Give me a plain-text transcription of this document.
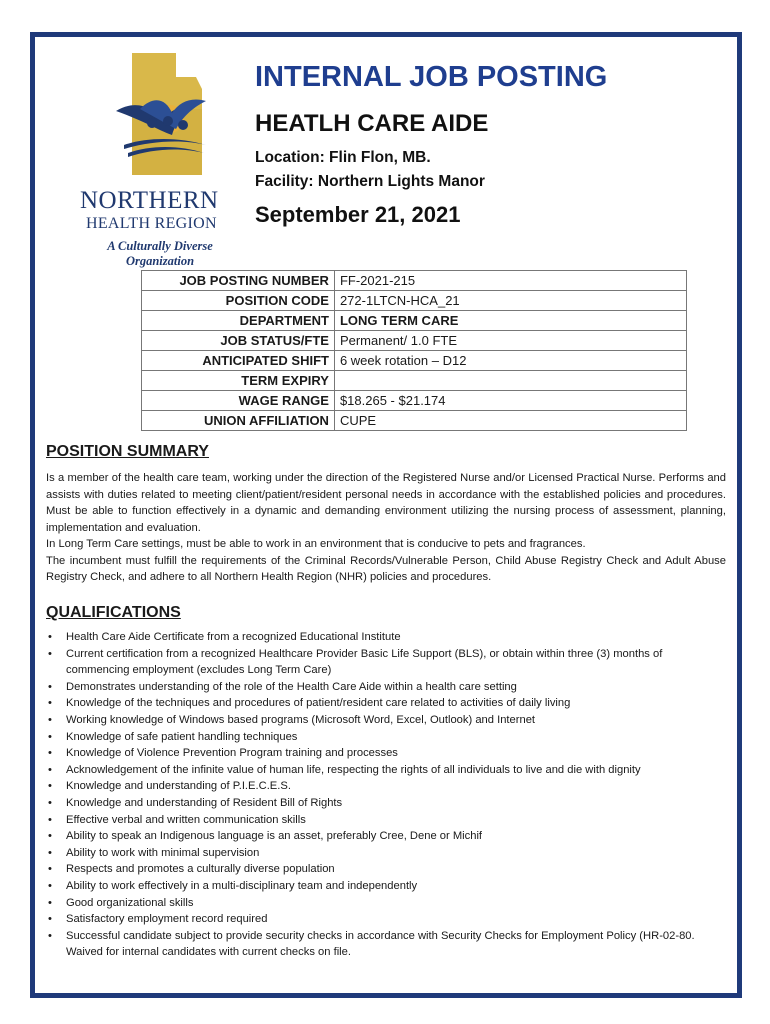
NORTHERN
HEALTH REGION
A Culturally Diverse Organization
INTERNAL JOB POSTING
HEATLH CARE AIDE
Location: Flin Flon, MB.
Facility: Northern Lights Manor
September 21, 2021
JOB POSTING NUMBER	FF-2021-215
POSITION CODE	272-1LTCN-HCA_21
DEPARTMENT	LONG TERM CARE
JOB STATUS/FTE	Permanent/ 1.0 FTE
ANTICIPATED SHIFT	6 week rotation – D12
TERM EXPIRY	
WAGE RANGE	$18.265 - $21.174
UNION AFFILIATION	CUPE
POSITION SUMMARY

Is a member of the health care team, working under the direction of the Registered Nurse and/or Licensed Practical Nurse. Performs and assists with duties related to meeting client/patient/resident personal needs in accordance with the established policies and procedures. Must be able to function effectively in a dynamic and demanding environment utilizing the nursing process of assessment, planning, implementation and evaluation.

In Long Term Care settings, must be able to work in an environment that is conducive to pets and fragrances.

The incumbent must fulfill the requirements of the Criminal Records/Vulnerable Person, Child Abuse Registry Check and Adult Abuse Registry Check, and adhere to all Northern Health Region (NHR) policies and procedures.

QUALIFICATIONS
• Health Care Aide Certificate from a recognized Educational Institute
• Current certification from a recognized Healthcare Provider Basic Life Support (BLS), or obtain within three (3) months of commencing employment (excludes Long Term Care)
• Demonstrates understanding of the role of the Health Care Aide within a health care setting
• Knowledge of the techniques and procedures of patient/resident care related to activities of daily living
• Working knowledge of Windows based programs (Microsoft Word, Excel, Outlook) and Internet
• Knowledge of safe patient handling techniques
• Knowledge of Violence Prevention Program training and processes
• Acknowledgement of the infinite value of human life, respecting the rights of all individuals to live and die with dignity
• Knowledge and understanding of P.I.E.C.E.S.
• Knowledge and understanding of Resident Bill of Rights
• Effective verbal and written communication skills
• Ability to speak an Indigenous language is an asset, preferably Cree, Dene or Michif
• Ability to work with minimal supervision
• Respects and promotes a culturally diverse population
• Ability to work effectively in a multi-disciplinary team and independently
• Good organizational skills
• Satisfactory employment record required
• Successful candidate subject to provide security checks in accordance with Security Checks for Employment Policy (HR-02-80. Waived for internal candidates with current checks on file.
